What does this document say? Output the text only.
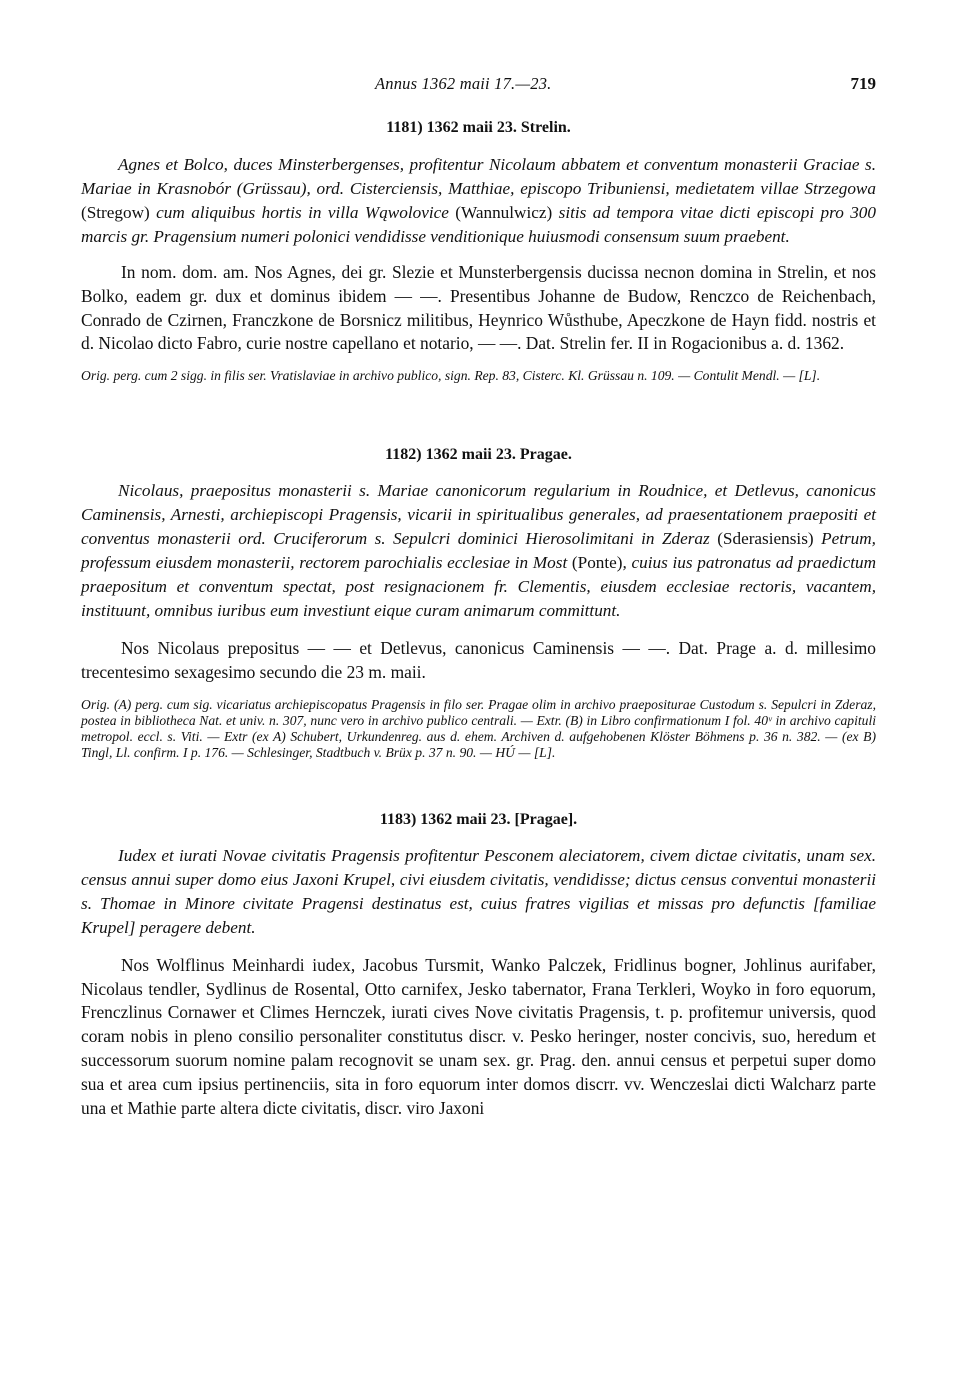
Annus 1362 maii 17.—23.	719
1181) 1362 maii 23. Strelin.

Agnes et Bolco, duces Minsterbergenses, profitentur Nicolaum abbatem et conventum monasterii Graciae s. Mariae in Krasnobór (Grüssau), ord. Cisterciensis, Matthiae, episcopo Tribuniensi, medietatem villae Strzegowa (Stregow) cum aliquibus hortis in villa Wąwolovice (Wannulwicz) sitis ad tempora vitae dicti episcopi pro 300 marcis gr. Pragensium numeri polonici vendidisse venditionique huiusmodi consensum suum praebent.

In nom. dom. am. Nos Agnes, dei gr. Slezie et Munsterbergensis ducissa necnon domina in Strelin, et nos Bolko, eadem gr. dux et dominus ibidem — —. Presentibus Johanne de Budow, Renczco de Reichenbach, Conrado de Czirnen, Franczkone de Borsnicz militibus, Heynrico Wůsthube, Apeczkone de Hayn fidd. nostris et d. Nicolao dicto Fabro, curie nostre capellano et notario, — —. Dat. Strelin fer. II in Rogacionibus a. d. 1362.

Orig. perg. cum 2 sigg. in filis ser. Vratislaviae in archivo publico, sign. Rep. 83, Cisterc. Kl. Grüssau n. 109. — Contulit Mendl. — [L].

1182) 1362 maii 23. Pragae.

Nicolaus, praepositus monasterii s. Mariae canonicorum regularium in Roudnice, et Detlevus, canonicus Caminensis, Arnesti, archiepiscopi Pragensis, vicarii in spiritualibus generales, ad praesentationem praepositi et conventus monasterii ord. Cruciferorum s. Sepulcri dominici Hierosolimitani in Zderaz (Sderasiensis) Petrum, professum eiusdem monasterii, rectorem parochialis ecclesiae in Most (Ponte), cuius ius patronatus ad praedictum praepositum et conventum spectat, post resignacionem fr. Clementis, eiusdem ecclesiae rectoris, vacantem, instituunt, omnibus iuribus eum investiunt eique curam animarum committunt.

Nos Nicolaus prepositus — — et Detlevus, canonicus Caminensis — —. Dat. Prage a. d. millesimo trecentesimo sexagesimo secundo die 23 m. maii.

Orig. (A) perg. cum sig. vicariatus archiepiscopatus Pragensis in filo ser. Pragae olim in archivo praepositurae Custodum s. Sepulcri in Zderaz, postea in bibliotheca Nat. et univ. n. 307, nunc vero in archivo publico centrali. — Extr. (B) in Libro confirmationum I fol. 40ᵛ in archivo capituli metropol. eccl. s. Viti. — Extr (ex A) Schubert, Urkundenreg. aus d. ehem. Archiven d. aufgehobenen Klöster Böhmens p. 36 n. 382. — (ex B) Tingl, Ll. confirm. I p. 176. — Schlesinger, Stadtbuch v. Brüx p. 37 n. 90. — HÚ — [L].

1183) 1362 maii 23. [Pragae].

Iudex et iurati Novae civitatis Pragensis profitentur Pesconem aleciatorem, civem dictae civitatis, unam sex. census annui super domo eius Jaxoni Krupel, civi eiusdem civitatis, vendidisse; dictus census conventui monasterii s. Thomae in Minore civitate Pragensi destinatus est, cuius fratres vigilias et missas pro defunctis [familiae Krupel] peragere debent.

Nos Wolflinus Meinhardi iudex, Jacobus Tursmit, Wanko Palczek, Fridlinus bogner, Johlinus aurifaber, Nicolaus tendler, Sydlinus de Rosental, Otto carnifex, Jesko tabernator, Frana Terkleri, Woyko in foro equorum, Frenczlinus Cornawer et Climes Hernczek, iurati cives Nove civitatis Pragensis, t. p. profitemur universis, quod coram nobis in pleno consilio personaliter constitutus discr. v. Pesko heringer, noster concivis, suo, heredum et successorum suorum nomine palam recognovit se unam sex. gr. Prag. den. annui census et perpetui super domo sua et area cum ipsius pertinenciis, sita in foro equorum inter domos discrr. vv. Wenczeslai dicti Walcharz parte una et Mathie parte altera dicte civitatis, discr. viro Jaxoni
